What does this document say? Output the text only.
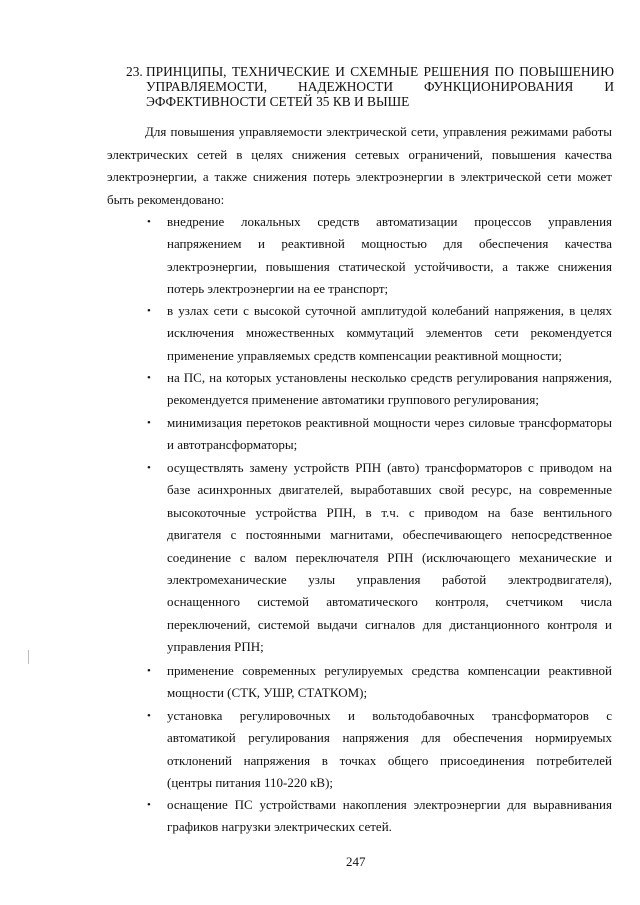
23. ПРИНЦИПЫ, ТЕХНИЧЕСКИЕ И СХЕМНЫЕ РЕШЕНИЯ ПО ПОВЫШЕНИЮ
УПРАВЛЯЕМОСТИ, НАДЕЖНОСТИ ФУНКЦИОНИРОВАНИЯ И
ЭФФЕКТИВНОСТИ СЕТЕЙ 35 КВ И ВЫШЕ
Для повышения управляемости электрической сети, управления режимами работы
электрических сетей в целях снижения сетевых ограничений, повышения качества
электроэнергии, а также снижения потерь электроэнергии в электрической сети может
быть рекомендовано:
•	внедрение локальных средств автоматизации процессов управления
напряжением и реактивной мощностью для обеспечения качества
электроэнергии, повышения статической устойчивости, а также снижения
потерь электроэнергии на ее транспорт;
•	в узлах сети с высокой суточной амплитудой колебаний напряжения, в целях
исключения множественных коммутаций элементов сети рекомендуется
применение управляемых средств компенсации реактивной мощности;
•	на ПС, на которых установлены несколько средств регулирования напряжения,
рекомендуется применение автоматики группового регулирования;
•	минимизация перетоков реактивной мощности через силовые трансформаторы
и автотрансформаторы;
•	осуществлять замену устройств РПН (авто) трансформаторов с приводом на
базе асинхронных двигателей, выработавших свой ресурс, на современные
высокоточные устройства РПН, в т.ч. с приводом на базе вентильного
двигателя с постоянными магнитами, обеспечивающего непосредственное
соединение с валом переключателя РПН (исключающего механические и
электромеханические узлы управления работой электродвигателя),
оснащенного системой автоматического контроля, счетчиком числа
переключений, системой выдачи сигналов для дистанционного контроля и
управления РПН;
•	применение современных регулируемых средства компенсации реактивной
мощности (СТК, УШР, СТАТКОМ);
•	установка регулировочных и вольтодобавочных трансформаторов с
автоматикой регулирования напряжения для обеспечения нормируемых
отклонений напряжения в точках общего присоединения потребителей
(центры питания 110-220 кВ);
•	оснащение ПС устройствами накопления электроэнергии для выравнивания
графиков нагрузки электрических сетей.
247
